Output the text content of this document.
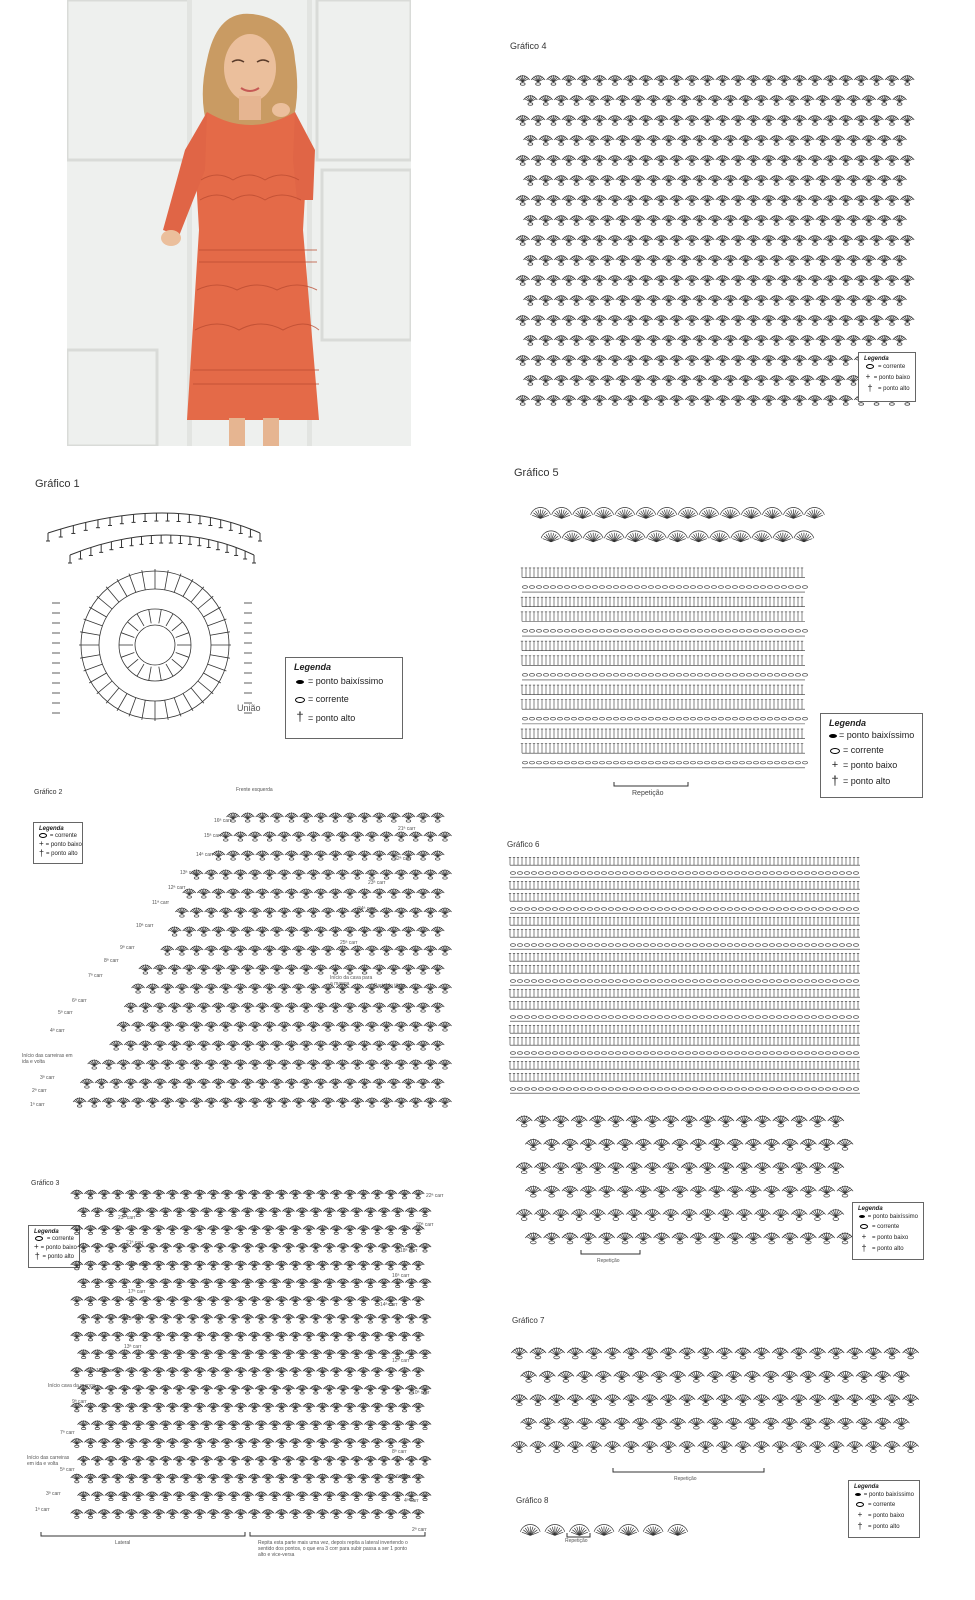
Gráfico 4
Legenda
= corrente
+
= ponto baixo
†
= ponto alto
Gráfico 1
União
Legenda
= ponto baixíssimo
= corrente
†
= ponto alto
Gráfico 5
Repetição
Legenda
= ponto baixíssimo
= corrente
+
= ponto baixo
†
= ponto alto
Gráfico 2
Legenda
= corrente
+
= ponto baixo
†
= ponto alto
Frente esquerda
Início da cava para a manga	Parte do tôrso
Início das carreiras em ida e volta
Gráfico 6
Repetição
Legenda
= ponto baixíssimo
= corrente
+
= ponto baixo
†
= ponto alto
Gráfico 3
Legenda
= corrente
+
= ponto baixo
†
= ponto alto
Início cava da manga
Início das carreiras em ida e volta
Lateral	Repita esta parte mais uma vez, depois repita a lateral invertendo o sentido dos pontos, o que era 3 corr para subir passa a ser 1 ponto alto e vice-versa
Gráfico 7
Repetição
Legenda
= ponto baixíssimo
= corrente
+
= ponto baixo
†
= ponto alto
Gráfico 8
Repetição
1ª carr
2ª carr
3ª carr
4ª carr
5ª carr
6ª carr
7ª carr
8ª carr
9ª carr
10ª carr
11ª carr
12ª carr
13ª carr
14ª carr
15ª carr
16ª carr
21ª carr
22ª carr
23ª carr
24ª carr
25ª carr
1ª carr
3ª carr
5ª carr
7ª carr
9ª carr
11ª carr
13ª carr
15ª carr
17ª carr
19ª carr
21ª carr
23ª carr
2ª carr
4ª carr
6ª carr
8ª carr
10ª carr
12ª carr
14ª carr
16ª carr
18ª carr
20ª carr
22ª carr
